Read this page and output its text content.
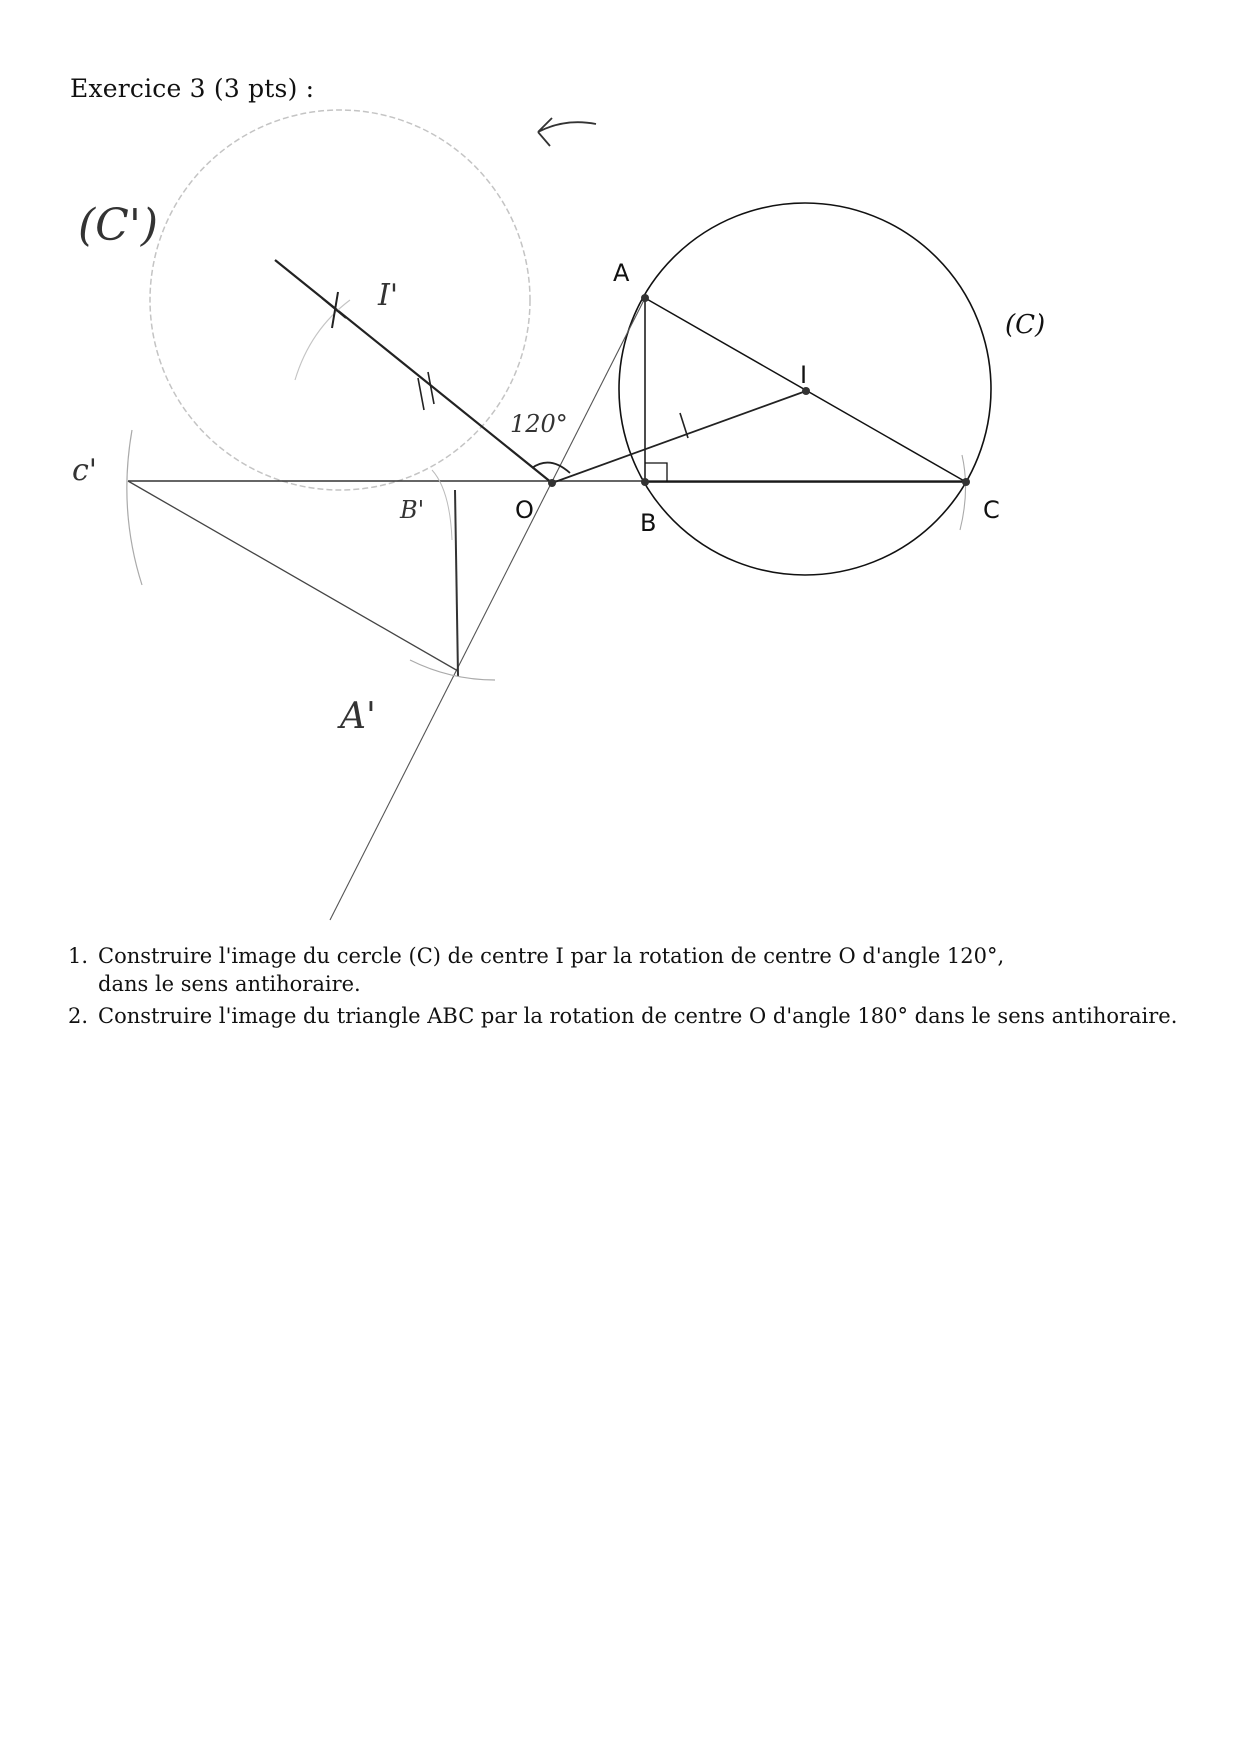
Exercice 3 (3 pts) :
A
B	C
I
O
(C)
(C')
I'
120°
c'
B'
A'
1. Construire l'image du cercle (C) de centre I par la rotation de centre O d'angle 120°,
dans le sens antihoraire.
2. Construire l'image du triangle ABC par la rotation de centre O d'angle 180° dans le sens antihoraire.
